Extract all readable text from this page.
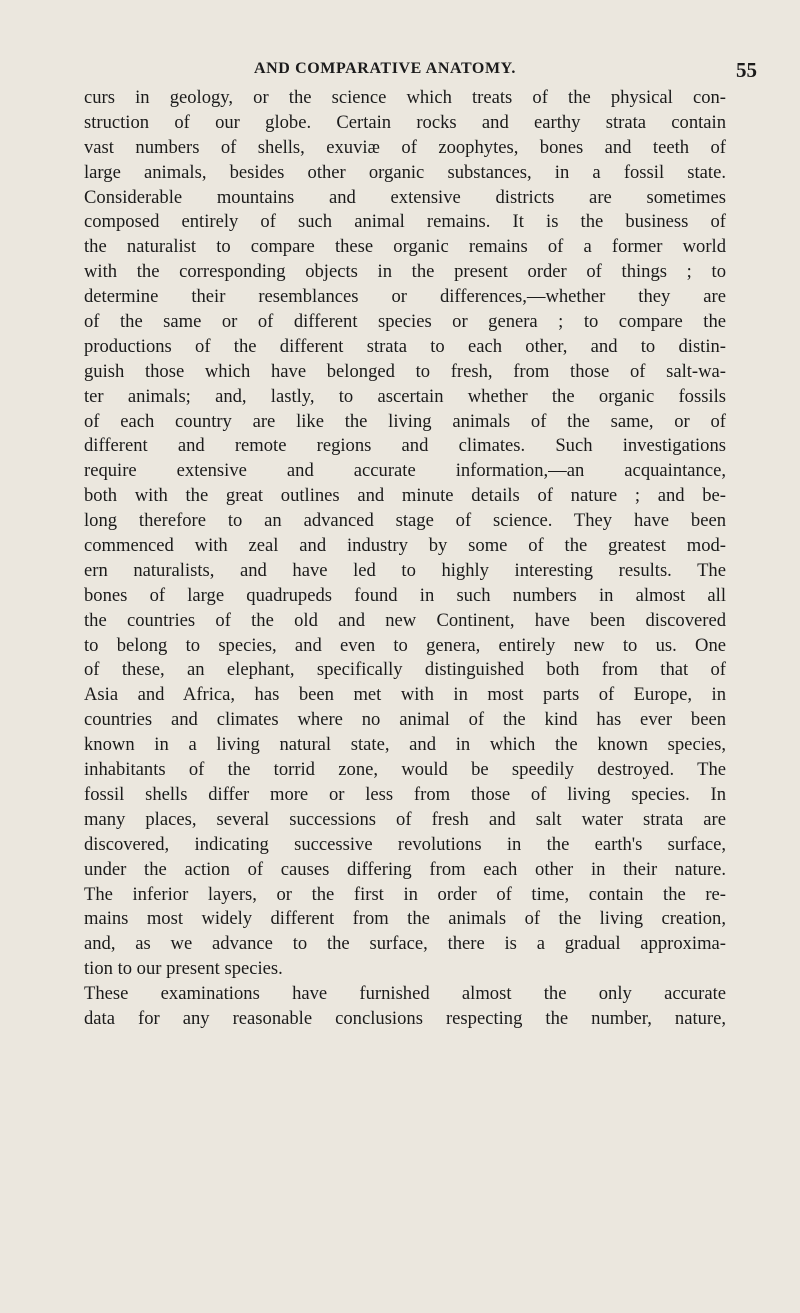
AND COMPARATIVE ANATOMY.	55
curs in geology, or the science which treats of the physical con-
struction of our globe. Certain rocks and earthy strata contain
vast numbers of shells, exuviæ of zoophytes, bones and teeth of
large animals, besides other organic substances, in a fossil state.
Considerable mountains and extensive districts are sometimes
composed entirely of such animal remains. It is the business of
the naturalist to compare these organic remains of a former world
with the corresponding objects in the present order of things ; to
determine their resemblances or differences,—whether they are
of the same or of different species or genera ; to compare the
productions of the different strata to each other, and to distin-
guish those which have belonged to fresh, from those of salt-wa-
ter animals; and, lastly, to ascertain whether the organic fossils
of each country are like the living animals of the same, or of
different and remote regions and climates. Such investigations
require extensive and accurate information,—an acquaintance,
both with the great outlines and minute details of nature ; and be-
long therefore to an advanced stage of science. They have been
commenced with zeal and industry by some of the greatest mod-
ern naturalists, and have led to highly interesting results. The
bones of large quadrupeds found in such numbers in almost all
the countries of the old and new Continent, have been discovered
to belong to species, and even to genera, entirely new to us. One
of these, an elephant, specifically distinguished both from that of
Asia and Africa, has been met with in most parts of Europe, in
countries and climates where no animal of the kind has ever been
known in a living natural state, and in which the known species,
inhabitants of the torrid zone, would be speedily destroyed. The
fossil shells differ more or less from those of living species. In
many places, several successions of fresh and salt water strata are
discovered, indicating successive revolutions in the earth's surface,
under the action of causes differing from each other in their nature.
The inferior layers, or the first in order of time, contain the re-
mains most widely different from the animals of the living creation,
and, as we advance to the surface, there is a gradual approxima-
tion to our present species.
These examinations have furnished almost the only accurate
data for any reasonable conclusions respecting the number, nature,
